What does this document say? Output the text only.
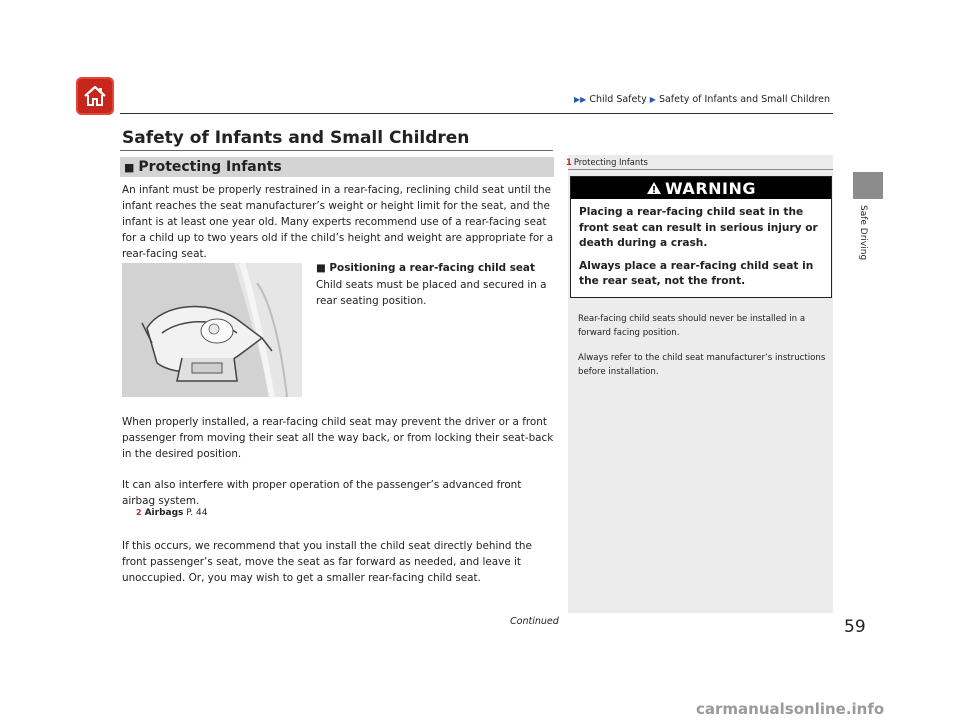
▶▶ Child Safety ▶ Safety of Infants and Small Children
Safe Driving
Safety of Infants and Small Children
■ Protecting Infants
An infant must be properly restrained in a rear-facing, reclining child seat until the infant reaches the seat manufacturer’s weight or height limit for the seat, and the infant is at least one year old. Many experts recommend use of a rear-facing seat for a child up to two years old if the child’s height and weight are appropriate for a rear-facing seat.
■ Positioning a rear-facing child seat
Child seats must be placed and secured in a rear seating position.
When properly installed, a rear-facing child seat may prevent the driver or a front passenger from moving their seat all the way back, or from locking their seat-back in the desired position.
It can also interfere with proper operation of the passenger’s advanced front airbag system.
2 Airbags P. 44
If this occurs, we recommend that you install the child seat directly behind the front passenger’s seat, move the seat as far forward as needed, and leave it unoccupied. Or, you may wish to get a smaller rear-facing child seat.
Continued	59
1 Protecting Infants
WARNING

Placing a rear-facing child seat in the front seat can result in serious injury or death during a crash.

Always place a rear-facing child seat in the rear seat, not the front.

Rear-facing child seats should never be installed in a forward facing position.
Always refer to the child seat manufacturer’s instructions before installation.
carmanualsonline.info
